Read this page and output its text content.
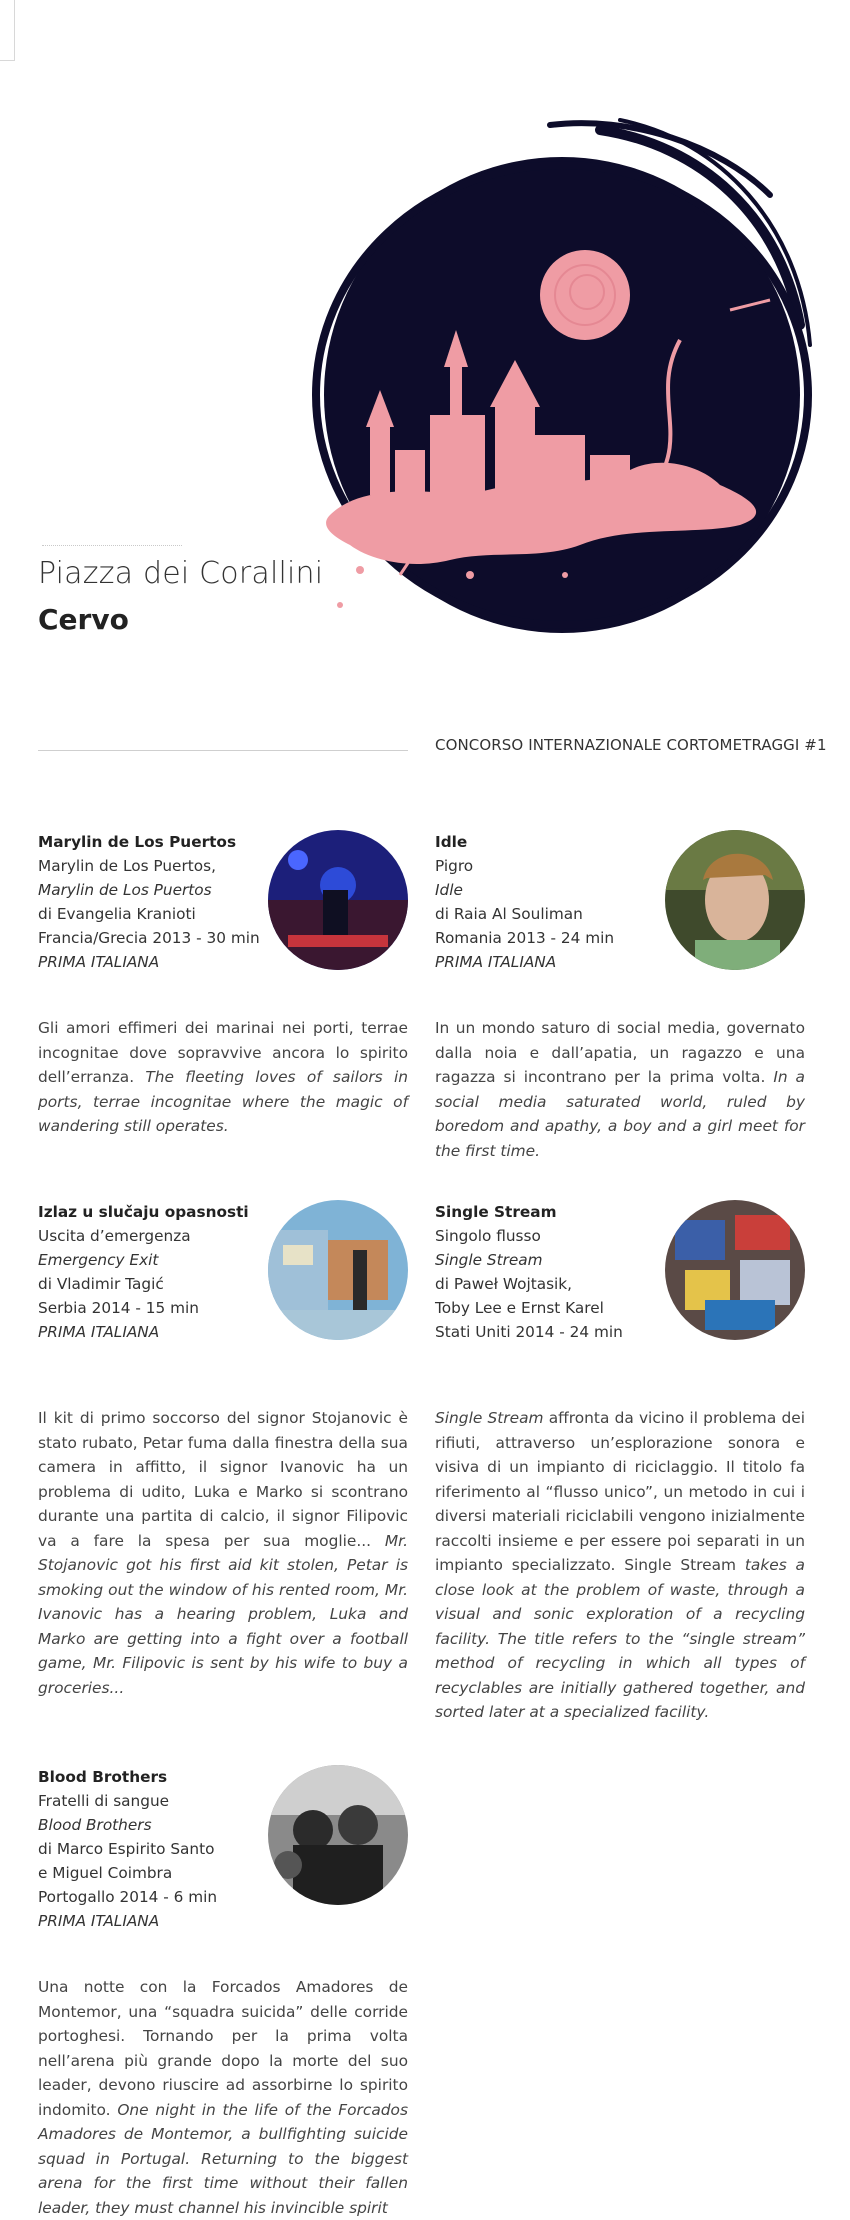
Piazza dei Corallini
Cervo
CONCORSO INTERNAZIONALE CORTOMETRAGGI #1
Marylin de Los Puertos
Marylin de Los Puertos,
Marylin de Los Puertos
di Evangelia Kranioti
Francia/Grecia 2013 - 30 min
PRIMA ITALIANA
Gli amori effimeri dei marinai nei porti, terrae incognitae dove sopravvive ancora lo spirito dell’erranza. The fleeting loves of sailors in ports, terrae incognitae where the magic of wandering still operates.
Idle
Pigro
Idle
di Raia Al Souliman
Romania 2013 - 24 min
PRIMA ITALIANA
In un mondo saturo di social media, governato dalla noia e dall’apatia, un ragazzo e una ragazza si incontrano per la prima volta. In a social media saturated world, ruled by boredom and apathy, a boy and a girl meet for the first time.
Izlaz u slučaju opasnosti
Uscita d’emergenza
Emergency Exit
di Vladimir Tagić
Serbia 2014 - 15 min
PRIMA ITALIANA
Il kit di primo soccorso del signor Stojanovic è stato rubato, Petar fuma dalla finestra della sua camera in affitto, il signor Ivanovic ha un problema di udito, Luka e Marko si scontrano durante una partita di calcio, il signor Filipovic va a fare la spesa per sua moglie... Mr. Stojanovic got his first aid kit stolen, Petar is smoking out the window of his rented room, Mr. Ivanovic has a hearing problem, Luka and Marko are getting into a fight over a football game, Mr. Filipovic is sent by his wife to buy a groceries...
Single Stream
Singolo flusso
Single Stream
di Paweł Wojtasik,
Toby Lee e Ernst Karel
Stati Uniti 2014 - 24 min
Single Stream affronta da vicino il problema dei rifiuti, attraverso un’esplorazione sonora e visiva di un impianto di riciclaggio. Il titolo fa riferimento al “flusso unico”, un metodo in cui i diversi materiali riciclabili vengono inizialmente raccolti insieme e per essere poi separati in un impianto specializzato. Single Stream takes a close look at the problem of waste, through a visual and sonic exploration of a recycling facility. The title refers to the “single stream” method of recycling in which all types of recyclables are initially gathered together, and sorted later at a specialized facility.
Blood Brothers
Fratelli di sangue
Blood Brothers
di Marco Espirito Santo
e Miguel Coimbra
Portogallo 2014 - 6 min
PRIMA ITALIANA
Una notte con la Forcados Amadores de Montemor, una “squadra suicida” delle corride portoghesi. Tornando per la prima volta nell’arena più grande dopo la morte del suo leader, devono riuscire ad assorbirne lo spirito indomito. One night in the life of the Forcados Amadores de Montemor, a bullfighting suicide squad in Portugal. Returning to the biggest arena for the first time without their fallen leader, they must channel his invincible spirit
